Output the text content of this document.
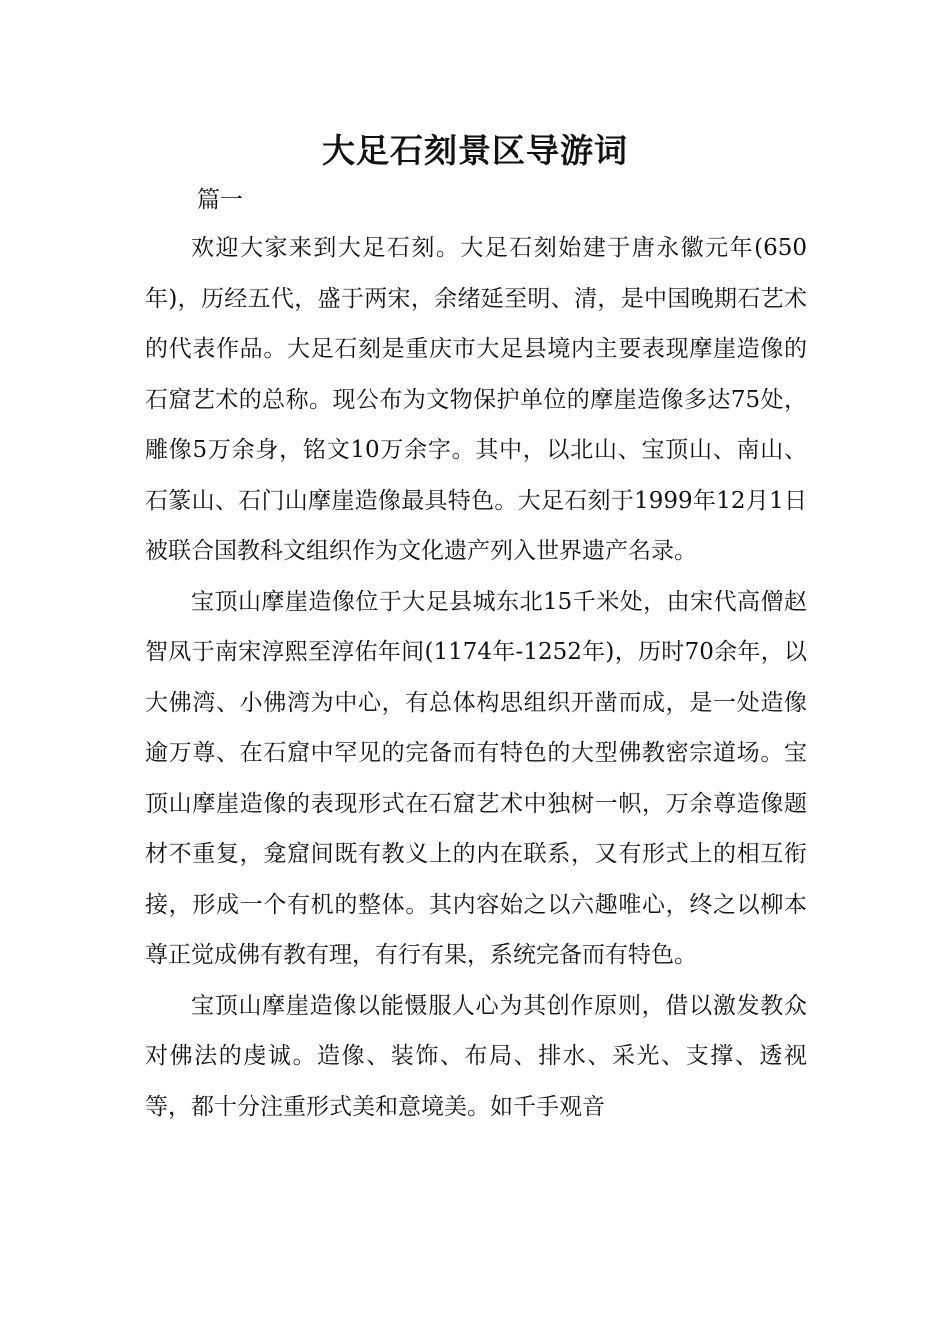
大足石刻景区导游词
篇一

欢迎大家来到大足石刻。大足石刻始建于唐永徽元年(650年)，历经五代，盛于两宋，余绪延至明、清，是中国晚期石艺术的代表作品。大足石刻是重庆市大足县境内主要表现摩崖造像的石窟艺术的总称。现公布为文物保护单位的摩崖造像多达75处，雕像5万余身，铭文10万余字。其中，以北山、宝顶山、南山、石篆山、石门山摩崖造像最具特色。大足石刻于1999年12月1日被联合国教科文组织作为文化遗产列入世界遗产名录。

宝顶山摩崖造像位于大足县城东北15千米处，由宋代高僧赵智凤于南宋淳熙至淳佑年间(1174年-1252年)，历时70余年，以大佛湾、小佛湾为中心，有总体构思组织开凿而成，是一处造像逾万尊、在石窟中罕见的完备而有特色的大型佛教密宗道场。宝顶山摩崖造像的表现形式在石窟艺术中独树一帜，万余尊造像题材不重复，龛窟间既有教义上的内在联系，又有形式上的相互衔接，形成一个有机的整体。其内容始之以六趣唯心，终之以柳本尊正觉成佛有教有理，有行有果，系统完备而有特色。

宝顶山摩崖造像以能慑服人心为其创作原则，借以激发教众对佛法的虔诚。造像、装饰、布局、排水、采光、支撑、透视等，都十分注重形式美和意境美。如千手观音
